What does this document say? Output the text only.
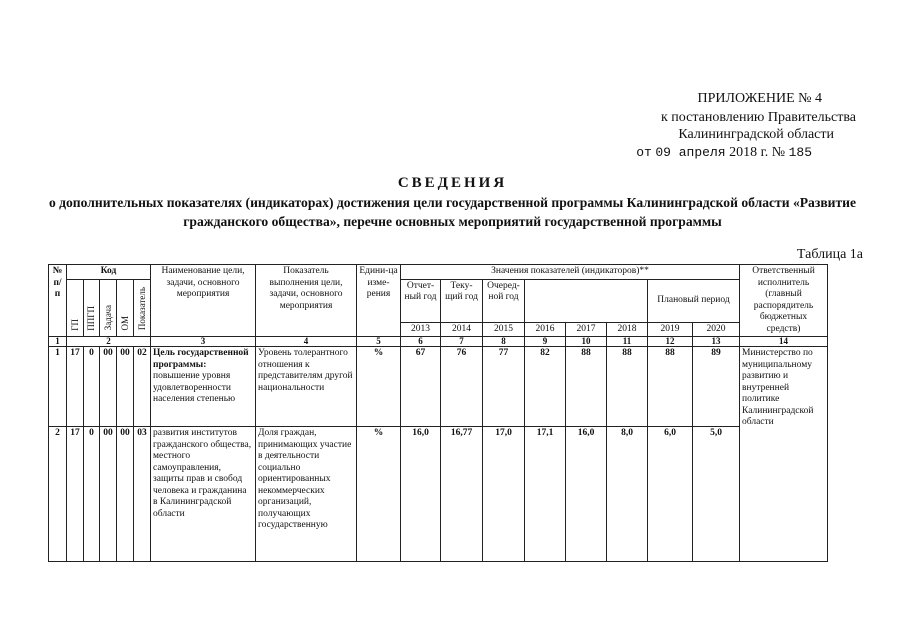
ПРИЛОЖЕНИЕ № 4
к постановлению Правительства
Калининградской области
от 09 апреля 2018 г. № 185
СВЕДЕНИЯ
о дополнительных показателях (индикаторах) достижения цели государственной программы Калининградской области «Развитие гражданского общества», перечне основных мероприятий государственной программы
Таблица 1а
№ п/п	Код					Наименование цели, задачи, основного мероприятия	Показатель выполнения цели, задачи, основного мероприятия	Едини-ца изме-рения	Значения показателей (индикаторов)**								Ответственный исполнитель (главный распорядитель бюджетных средств)
	ГП	ППГП	Задача	ОМ	Показатель				Отчет-ный год	Теку-щий год	Очеред-ной год				Плановый период		
									2013	2014	2015	2016	2017	2018	2019	2020	
1	2					3	4	5	6	7	8	9	10	11	12	13	14
1	17	0	00	00	02	Цель государственной программы: повышение уровня удовлетворенности населения степенью	Уровень толерантного отношения к представителям другой национальности	%	67	76	77	82	88	88	88	89	Министерство по муниципальному развитию и внутренней политике Калининградской области
2	17	0	00	00	03	развития институтов гражданского общества, местного самоуправления, защиты прав и свобод человека и гражданина в Калининградской области	Доля граждан, принимающих участие в деятельности социально ориентированных некоммерческих организаций, получающих государственную	%	16,0	16,77	17,0	17,1	16,0	8,0	6,0	5,0	
